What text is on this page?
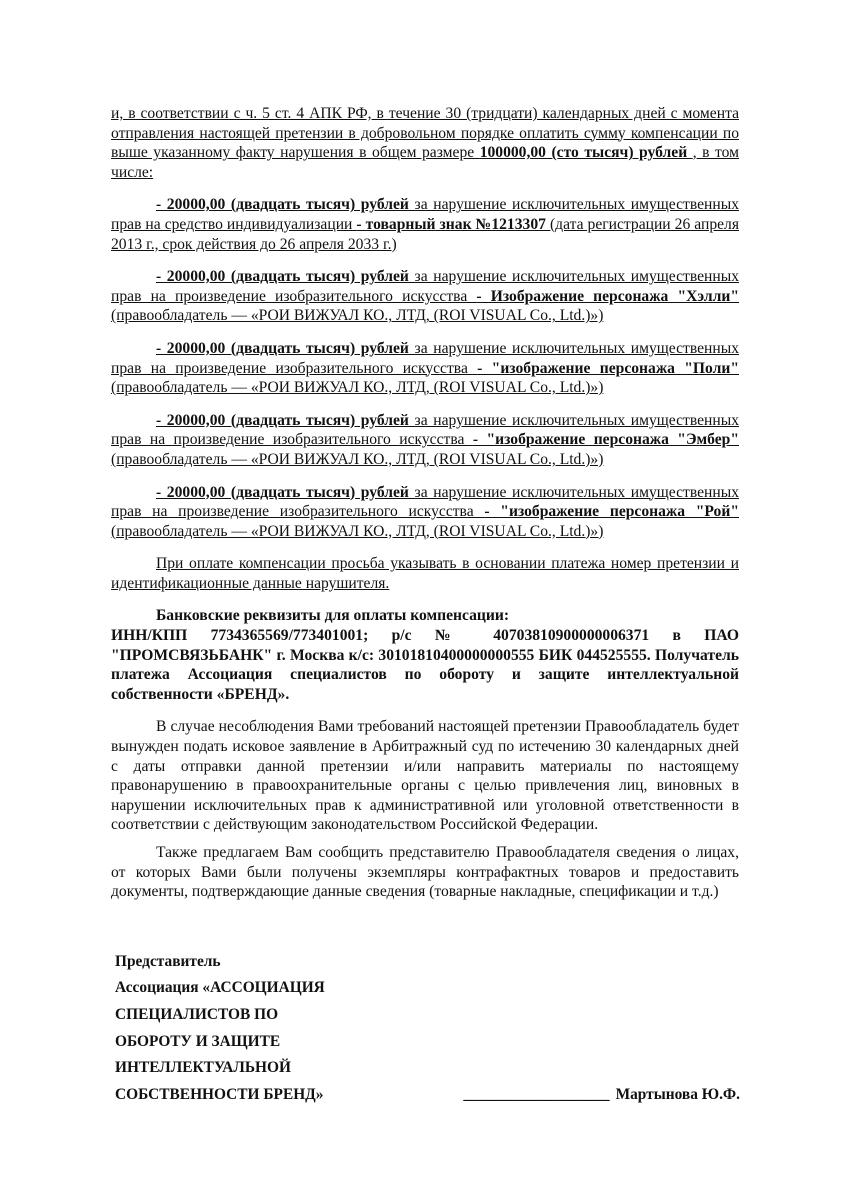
и, в соответствии с ч. 5 ст. 4 АПК РФ, в течение 30 (тридцати) календарных дней с момента отправления настоящей претензии в добровольном порядке оплатить сумму компенсации по выше указанному факту нарушения в общем размере 100000,00 (сто тысяч) рублей , в том числе:

- 20000,00 (двадцать тысяч) рублей за нарушение исключительных имущественных прав на средство индивидуализации - товарный знак №1213307 (дата регистрации 26 апреля 2013 г., срок действия до 26 апреля 2033 г.)

- 20000,00 (двадцать тысяч) рублей за нарушение исключительных имущественных прав на произведение изобразительного искусства - Изображение персонажа "Хэлли" (правообладатель — «РОИ ВИЖУАЛ КО., ЛТД, (ROI VISUAL Co., Ltd.)»)

- 20000,00 (двадцать тысяч) рублей за нарушение исключительных имущественных прав на произведение изобразительного искусства - "изображение персонажа "Поли" (правообладатель — «РОИ ВИЖУАЛ КО., ЛТД, (ROI VISUAL Co., Ltd.)»)

- 20000,00 (двадцать тысяч) рублей за нарушение исключительных имущественных прав на произведение изобразительного искусства - "изображение персонажа "Эмбер" (правообладатель — «РОИ ВИЖУАЛ КО., ЛТД, (ROI VISUAL Co., Ltd.)»)

- 20000,00 (двадцать тысяч) рублей за нарушение исключительных имущественных прав на произведение изобразительного искусства - "изображение персонажа "Рой" (правообладатель — «РОИ ВИЖУАЛ КО., ЛТД, (ROI VISUAL Co., Ltd.)»)

При оплате компенсации просьба указывать в основании платежа номер претензии и идентификационные данные нарушителя.

Банковские реквизиты для оплаты компенсации:

ИНН/КПП 7734365569/773401001; р/с № 40703810900000006371 в ПАО "ПРОМСВЯЗЬБАНК" г. Москва к/с: 30101810400000000555 БИК 044525555. Получатель платежа Ассоциация специалистов по обороту и защите интеллектуальной собственности «БРЕНД».

В случае несоблюдения Вами требований настоящей претензии Правообладатель будет вынужден подать исковое заявление в Арбитражный суд по истечению 30 календарных дней с даты отправки данной претензии и/или направить материалы по настоящему правонарушению в правоохранительные органы с целью привлечения лиц, виновных в нарушении исключительных прав к административной или уголовной ответственности в соответствии с действующим законодательством Российской Федерации.

Также предлагаем Вам сообщить представителю Правообладателя сведения о лицах, от которых Вами были получены экземпляры контрафактных товаров и предоставить документы, подтверждающие данные сведения (товарные накладные, спецификации и т.д.)

Представитель
Ассоциация «АССОЦИАЦИЯ
СПЕЦИАЛИСТОВ ПО
ОБОРОТУ И ЗАЩИТЕ
ИНТЕЛЛЕКТУАЛЬНОЙ
СОБСТВЕННОСТИ БРЕНД»	___________________ Мартынова Ю.Ф.
